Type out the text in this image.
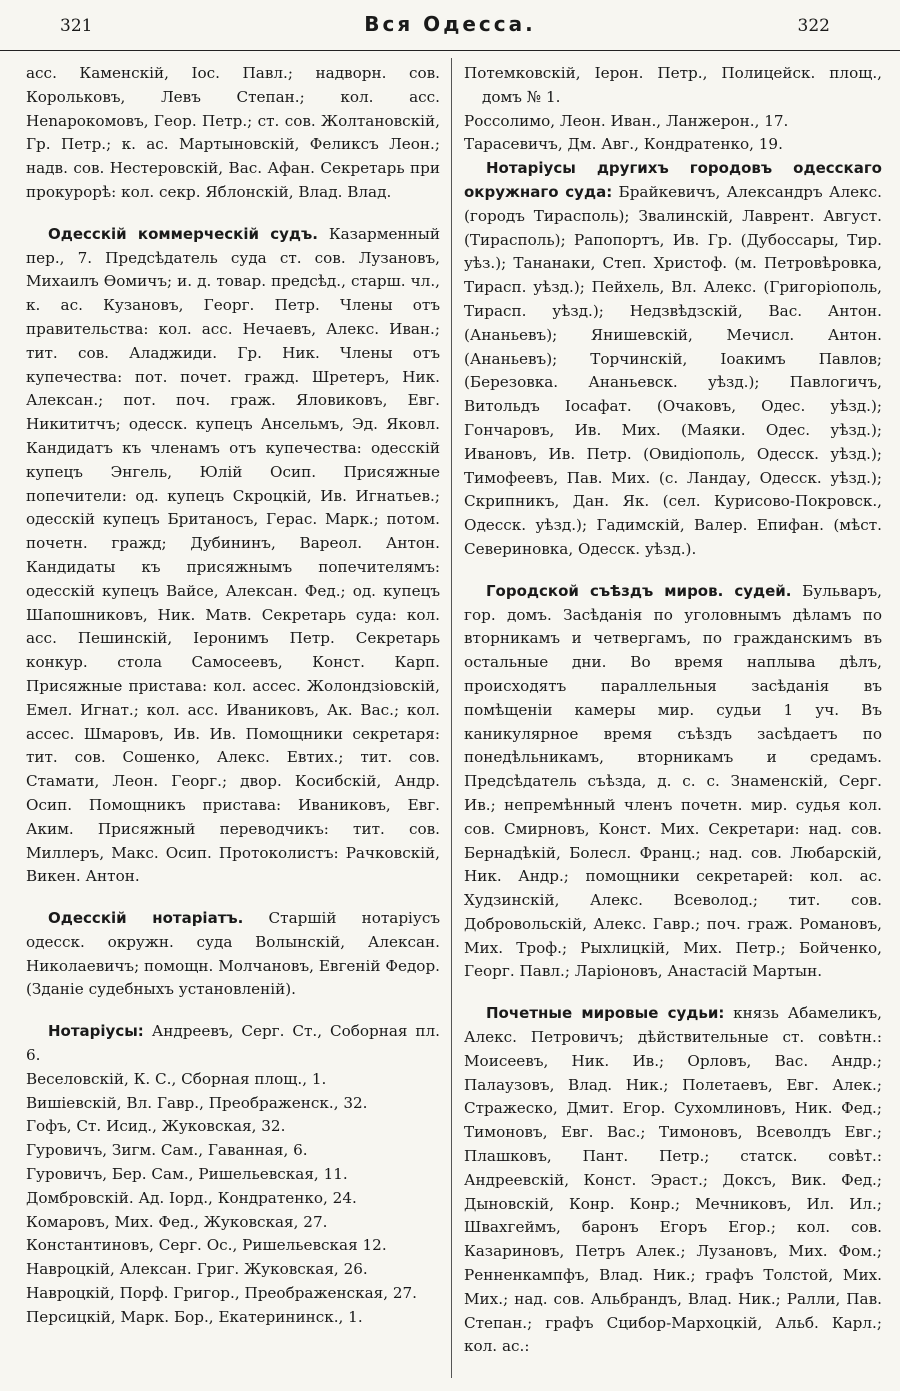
321	Вся Одесса.	322

асс. Каменскій, Іос. Павл.; надворн. сов. Корольковъ, Левъ Степан.; кол. асс. Неnарокомовъ, Геор. Петр.; ст. сов. Жолтановскій, Гр. Петр.; к. ас. Мартыновскій, Феликсъ Леон.; надв. сов. Нестеровскій, Вас. Афан. Секретарь при прокурорѣ: кол. секр. Яблонскій, Влад. Влад.

Одесскій коммерческій судъ. Казарменный пер., 7. Предсѣдатель суда ст. сов. Лузановъ, Михаилъ Ѳомичъ; и. д. товар. предсѣд., старш. чл., к. ас. Кузановъ, Георг. Петр. Члены отъ правительства: кол. асс. Нечаевъ, Алекс. Иван.; тит. сов. Аладжиди. Гр. Ник. Члены отъ купечества: пот. почет. гражд. Шретеръ, Ник. Алексан.; пот. поч. граж. Яловиковъ, Евг. Никититчъ; одесск. купецъ Ансельмъ, Эд. Яковл. Кандидатъ къ членамъ отъ купечества: одесскій купецъ Энгель, Юлій Осип. Присяжные попечители: од. купецъ Скроцкій, Ив. Игнатьев.; одесскій купецъ Британосъ, Герас. Марк.; потом. почетн. гражд; Дубининъ, Вареол. Антон. Кандидаты къ присяжнымъ попечителямъ: одесскій купецъ Вайсе, Алексан. Фед.; од. купецъ Шапошниковъ, Ник. Матв. Секретарь суда: кол. асс. Пешинскій, Іеронимъ Петр. Секретарь конкур. стола Самосеевъ, Конст. Карп. Присяжные пристава: кол. ассес. Жолондзіовскій, Емел. Игнат.; кол. асс. Иваниковъ, Ак. Вас.; кол. ассес. Шмаровъ, Ив. Ив. Помощники секретаря: тит. сов. Сошенко, Алекс. Евтих.; тит. сов. Стамати, Леон. Георг.; двор. Косибскій, Андр. Осип. Помощникъ пристава: Иваниковъ, Евг. Аким. Присяжный переводчикъ: тит. сов. Миллеръ, Макс. Осип. Протоколистъ: Рачковскій, Викен. Антон.

Одесскій нотаріатъ. Старшій нотаріусъ одесск. окружн. суда Волынскій, Алексан. Николаевичъ; помощн. Молчановъ, Евгеній Федор. (Зданіе судебныхъ установленій).

Нотаріусы: Андреевъ, Серг. Ст., Соборная пл. 6.

Веселовскій, К. С., Сборная площ., 1.

Вишіевскій, Вл. Гавр., Преображенск., 32.

Гофъ, Ст. Исид., Жуковская, 32.

Гуровичъ, Зигм. Сам., Гаванная, 6.

Гуровичъ, Бер. Сам., Ришельевская, 11.

Домбровскій. Ад. Іорд., Кондратенко, 24.

Комаровъ, Мих. Фед., Жуковская, 27.

Константиновъ, Серг. Ос., Ришельевская 12.

Навроцкій, Алексан. Григ. Жуковская, 26.

Навроцкій, Порф. Григор., Преображенская, 27.

Персицкій, Марк. Бор., Екатерининск., 1.

Потемковскій, Іерон. Петр., Полицейск. площ., домъ № 1.

Россолимо, Леон. Иван., Ланжерон., 17.

Тарасевичъ, Дм. Авг., Кондратенко, 19.

Нотаріусы другихъ городовъ одесскаго окружнаго суда: Брайкевичъ, Александръ Алекс. (городъ Тирасполь); Звалинскій, Лаврент. Август. (Тирасполь); Рапопортъ, Ив. Гр. (Дубоссары, Тир. уѣз.); Тананаки, Степ. Христоф. (м. Петровѣровка, Тирасп. уѣзд.); Пейхель, Вл. Алекс. (Григоріополь, Тирасп. уѣзд.); Недзвѣдзскій, Вас. Антон. (Ананьевъ); Янишевскій, Мечисл. Антон. (Ананьевъ); Торчинскій, Іоакимъ Павлов; (Березовка. Ананьевск. уѣзд.); Павлогичъ, Витольдъ Іосафат. (Очаковъ, Одес. уѣзд.); Гончаровъ, Ив. Мих. (Маяки. Одес. уѣзд.); Ивановъ, Ив. Петр. (Овидіополь, Одесск. уѣзд.); Тимофеевъ, Пав. Мих. (с. Ландау, Одесск. уѣзд.); Скрипникъ, Дан. Як. (сел. Курисово-Покровск., Одесск. уѣзд.); Гадимскій, Валер. Епифан. (мѣст. Севериновка, Одесск. уѣзд.).

Городской съѣздъ миров. судей. Бульваръ, гор. домъ. Засѣданія по уголовнымъ дѣламъ по вторникамъ и четвергамъ, по гражданскимъ въ остальные дни. Во время наплыва дѣлъ, происходятъ параллельныя засѣданія въ помѣщеніи камеры мир. судьи 1 уч. Въ каникулярное время съѣздъ засѣдаетъ по понедѣльникамъ, вторникамъ и средамъ. Предсѣдатель съѣзда, д. с. с. Знаменскій, Серг. Ив.; непремѣнный членъ почетн. мир. судья кол. сов. Смирновъ, Конст. Мих. Секретари: над. сов. Бернадѣкій, Болесл. Франц.; над. сов. Любарскій, Ник. Андр.; помощники секретарей: кол. ас. Худзинскій, Алекс. Всеволод.; тит. сов. Добровольскій, Алекс. Гавр.; поч. граж. Романовъ, Мих. Троф.; Рыхлицкій, Мих. Петр.; Бойченко, Георг. Павл.; Ларіоновъ, Анастасій Мартын.

Почетные мировые судьи: князь Абамеликъ, Алекс. Петровичъ; дѣйствительные ст. совѣтн.: Моисеевъ, Ник. Ив.; Орловъ, Вас. Андр.; Палаузовъ, Влад. Ник.; Полетаевъ, Евг. Алек.; Стражеско, Дмит. Егор. Сухомлиновъ, Ник. Фед.; Тимоновъ, Евг. Вас.; Тимоновъ, Всеволдъ Евг.; Плашковъ, Пант. Петр.; статск. совѣт.: Андреевскій, Конст. Эраст.; Доксъ, Вик. Фед.; Дыновскій, Конр. Конр.; Мечниковъ, Ил. Ил.; Швахгеймъ, баронъ Егоръ Егор.; кол. сов. Казариновъ, Петръ Алек.; Лузановъ, Мих. Фом.; Ренненкампфъ, Влад. Ник.; графъ Толстой, Мих. Мих.; над. сов. Альбрандъ, Влад. Ник.; Ралли, Пав. Степан.; графъ Сцибор-Мархоцкій, Альб. Карл.; кол. ас.:
